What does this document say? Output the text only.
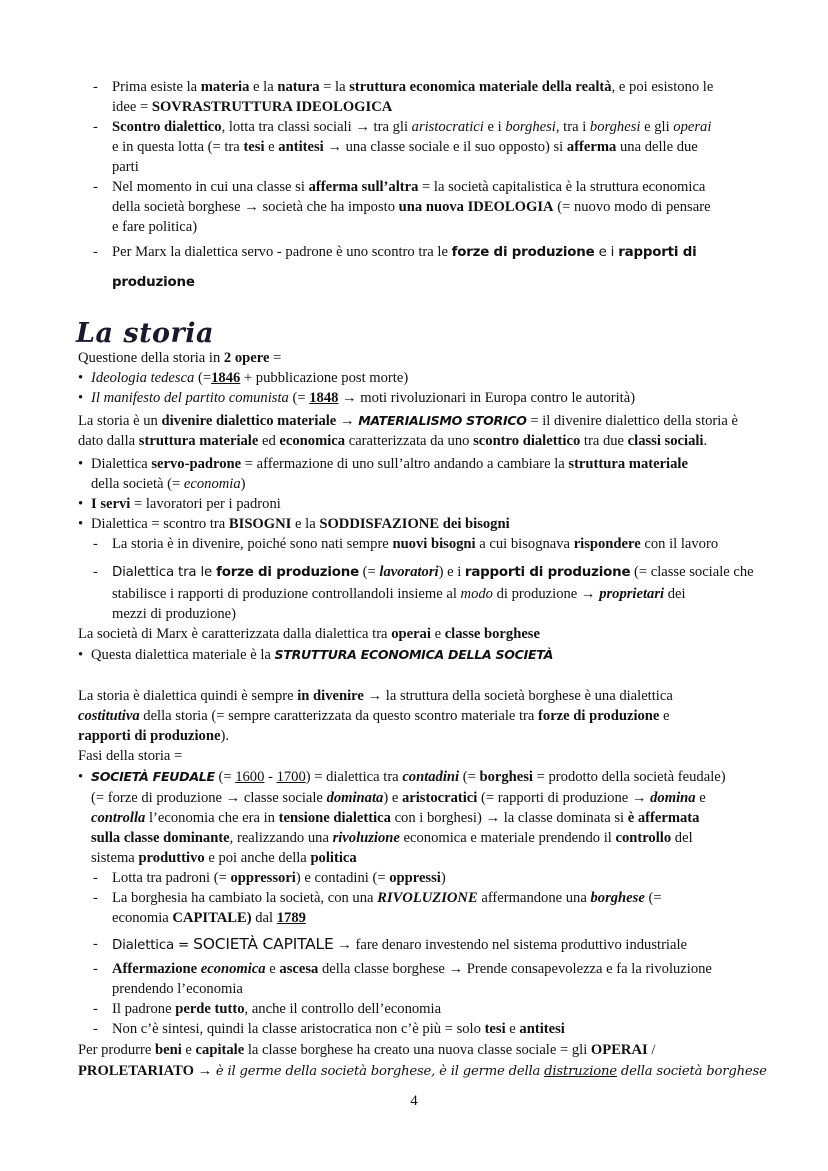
- Prima esiste la materia e la natura = la struttura economica materiale della realtà, e poi esistono le
idee = SOVRASTRUTTURA IDEOLOGICA
- Scontro dialettico, lotta tra classi sociali → tra gli aristocratici e i borghesi, tra i borghesi e gli operai
e in questa lotta (= tra tesi e antitesi → una classe sociale e il suo opposto) si afferma una delle due
parti
- Nel momento in cui una classe si afferma sull’altra = la società capitalistica è la struttura economica
della società borghese → società che ha imposto una nuova IDEOLOGIA (= nuovo modo di pensare
e fare politica)
- Per Marx la dialettica servo - padrone è uno scontro tra le forze di produzione e i rapporti di
produzione
La storia
Questione della storia in 2 opere =
• Ideologia tedesca (=1846 + pubblicazione post morte)
• Il manifesto del partito comunista (= 1848 → moti rivoluzionari in Europa contro le autorità)
La storia è un divenire dialettico materiale → MATERIALISMO STORICO = il divenire dialettico della storia è
dato dalla struttura materiale ed economica caratterizzata da uno scontro dialettico tra due classi sociali.
• Dialettica servo-padrone = affermazione di uno sull’altro andando a cambiare la struttura materiale
della società (= economia)
• I servi = lavoratori per i padroni
• Dialettica = scontro tra BISOGNI e la SODDISFAZIONE dei bisogni
- La storia è in divenire, poiché sono nati sempre nuovi bisogni a cui bisognava rispondere con il lavoro
- Dialettica tra le forze di produzione (= lavoratori) e i rapporti di produzione (= classe sociale che
stabilisce i rapporti di produzione controllandoli insieme al modo di produzione → proprietari dei
mezzi di produzione)
La società di Marx è caratterizzata dalla dialettica tra operai e classe borghese
• Questa dialettica materiale è la STRUTTURA ECONOMICA DELLA SOCIETÀ
La storia è dialettica quindi è sempre in divenire → la struttura della società borghese è una dialettica
costitutiva della storia (= sempre caratterizzata da questo scontro materiale tra forze di produzione e
rapporti di produzione).
Fasi della storia =
• SOCIETÀ FEUDALE (= 1600 - 1700) = dialettica tra contadini (= borghesi = prodotto della società feudale)
(= forze di produzione → classe sociale dominata) e aristocratici (= rapporti di produzione → domina e
controlla l’economia che era in tensione dialettica con i borghesi) → la classe dominata si è affermata
sulla classe dominante, realizzando una rivoluzione economica e materiale prendendo il controllo del
sistema produttivo e poi anche della politica
- Lotta tra padroni (= oppressori) e contadini (= oppressi)
- La borghesia ha cambiato la società, con una RIVOLUZIONE affermandone una borghese (=
economia CAPITALE) dal 1789
- Dialettica = SOCIETÀ CAPITALE → fare denaro investendo nel sistema produttivo industriale
- Affermazione economica e ascesa della classe borghese → Prende consapevolezza e fa la rivoluzione
prendendo l’economia
- Il padrone perde tutto, anche il controllo dell’economia
- Non c’è sintesi, quindi la classe aristocratica non c’è più = solo tesi e antitesi
Per produrre beni e capitale la classe borghese ha creato una nuova classe sociale = gli OPERAI /
PROLETARIATO → è il germe della società borghese, è il germe della distruzione della società borghese
4
